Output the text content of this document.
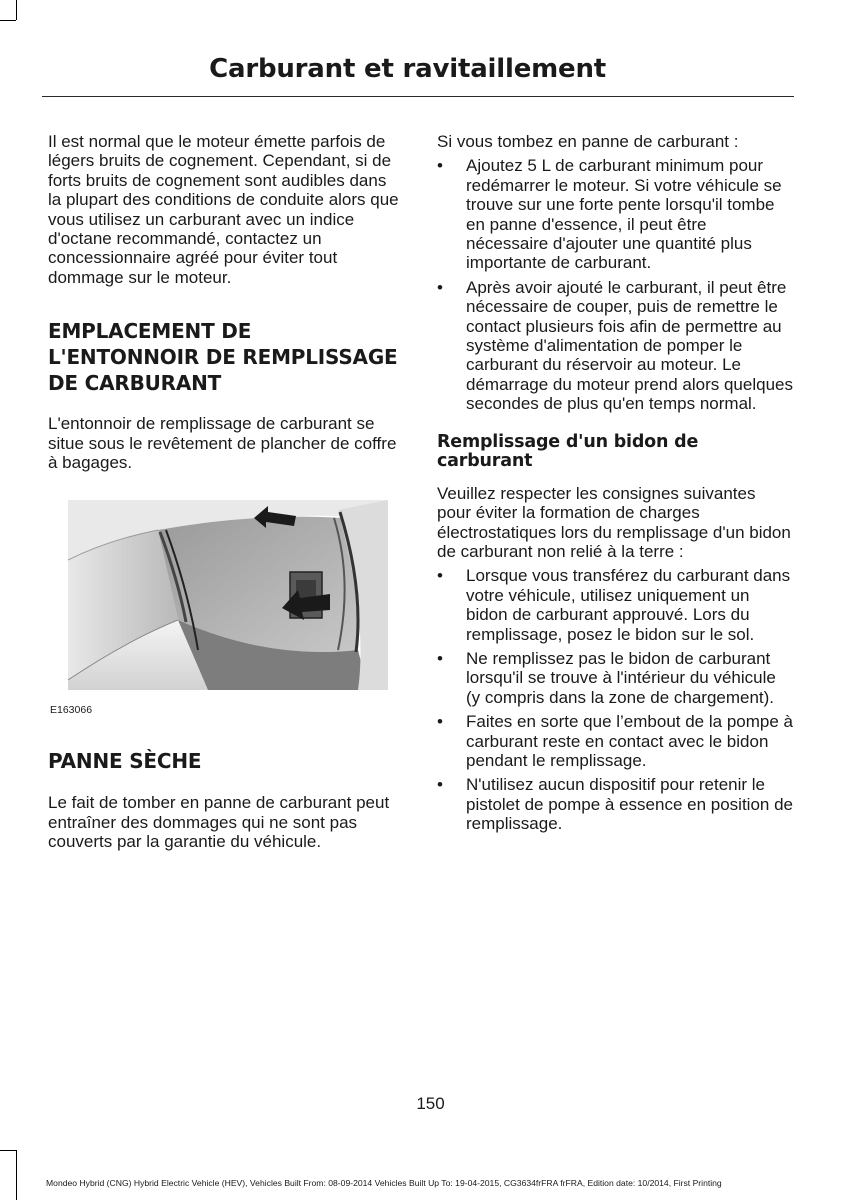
Carburant et ravitaillement

Il est normal que le moteur émette parfois de légers bruits de cognement. Cependant, si de forts bruits de cognement sont audibles dans la plupart des conditions de conduite alors que vous utilisez un carburant avec un indice d'octane recommandé, contactez un concessionnaire agréé pour éviter tout dommage sur le moteur.

EMPLACEMENT DE L'ENTONNOIR DE REMPLISSAGE DE CARBURANT

L'entonnoir de remplissage de carburant se situe sous le revêtement de plancher de coffre à bagages.

E163066
PANNE SÈCHE

Le fait de tomber en panne de carburant peut entraîner des dommages qui ne sont pas couverts par la garantie du véhicule.

Si vous tombez en panne de carburant :

• Ajoutez 5 L de carburant minimum pour redémarrer le moteur. Si votre véhicule se trouve sur une forte pente lorsqu'il tombe en panne d'essence, il peut être nécessaire d'ajouter une quantité plus importante de carburant.
• Après avoir ajouté le carburant, il peut être nécessaire de couper, puis de remettre le contact plusieurs fois afin de permettre au système d'alimentation de pomper le carburant du réservoir au moteur. Le démarrage du moteur prend alors quelques secondes de plus qu'en temps normal.
Remplissage d'un bidon de carburant

Veuillez respecter les consignes suivantes pour éviter la formation de charges électrostatiques lors du remplissage d'un bidon de carburant non relié à la terre :

• Lorsque vous transférez du carburant dans votre véhicule, utilisez uniquement un bidon de carburant approuvé. Lors du remplissage, posez le bidon sur le sol.
• Ne remplissez pas le bidon de carburant lorsqu'il se trouve à l'intérieur du véhicule (y compris dans la zone de chargement).
• Faites en sorte que l’embout de la pompe à carburant reste en contact avec le bidon pendant le remplissage.
• N'utilisez aucun dispositif pour retenir le pistolet de pompe à essence en position de remplissage.
150
Mondeo Hybrid (CNG) Hybrid Electric Vehicle (HEV), Vehicles Built From: 08-09-2014 Vehicles Built Up To: 19-04-2015, CG3634frFRA frFRA, Edition date: 10/2014, First Printing
